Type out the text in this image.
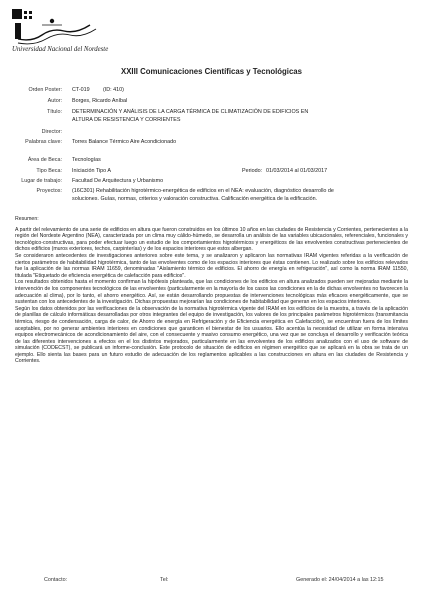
Universidad Nacional del Nordeste
XXIII Comunicaciones Científicas y Tecnológicas
Orden Poster: CT-019 (ID: 410)
Autor: Borges, Ricardo Aníbal
Título: DETERMINACIÓN Y ANÁLISIS DE LA CARGA TÉRMICA DE CLIMATIZACIÓN DE EDIFICIOS EN
ALTURA DE RESISTENCIA Y CORRIENTES
Director:
Palabras clave: Torres Balance Térmico Aire Acondicionado
Área de Beca: Tecnologías
Tipo Beca: Iniciación Tipo A	Periodo: 01/03/2014 al 01/03/2017
Lugar de trabajo: Facultad De Arquitectura y Urbanismo
Proyectos: (16C301) Rehabilitación higrotérmico-energética de edificios en el NEA: evaluación, diagnóstico desarrollo de
soluciones. Guías, normas, criterios y valoración constructiva. Calificación energética de la edificación.

Resumen:

A partir del relevamiento de una serie de edificios en altura que fueron construidos en los últimos 10 años en las ciudades de Resistencia y Corrientes, pertenecientes a la región del Nordeste Argentino (NEA), caracterizada por un clima muy cálido-húmedo, se desarrolla un análisis de las variables ubicacionales, referenciales, funcionales y tecnológico-constructivas, para poder efectuar luego un estudio de los comportamientos higrotérmicos y energéticos de las envolventes constructivas pertenecientes de dichos edificios (muros exteriores, techos, carpinterías) y de los espacios interiores que estos albergan.

Se consideraron antecedentes de investigaciones anteriores sobre este tema, y se analizaron y aplicaron las normativas IRAM vigentes referidas a la verificación de ciertos parámetros de habitabilidad higrotérmica, tanto de las envolventes como de los espacios interiores que éstas contienen. Lo realizado sobre los edificios relevados fue la aplicación de las normas IRAM 11659, denominadas "Aislamiento térmico de edificios. El ahorro de energía en refrigeración", así como la norma IRAM 11550, titulada "Etiquetado de eficiencia energética de calefacción para edificios".

Los resultados obtenidos hasta el momento confirman la hipótesis planteada, que las condiciones de los edificios en altura analizados pueden ser mejoradas mediante la intervención de los componentes tecnológicos de las envolventes (particularmente en la mayoría de los casos las condiciones en la de dichas envolventes no favorecen la adecuación al clima), por lo tanto, el ahorro energético. Así, se están desarrollando propuestas de intervenciones tecnológicas más eficaces energéticamente, que se sustentan con los antecedentes de la investigación. Dichas propuestas mejorarían las condiciones de habitabilidad que generan en los espacios interiores.

Según los datos obtenidos por las verificaciones de la observación de la normativa higrotérmica vigente del IRAM en los edificios de la muestra, a través de la aplicación de planillas de cálculo informáticas desarrolladas por otros integrantes del equipo de investigación, los valores de los principales parámetros higrotérmicos (transmitancia térmica, riesgo de condensación, carga de calor, de Ahorro de energía en Refrigeración y de Eficiencia energética en Calefacción), se encuentran fuera de los límites aceptables, por no generar ambientes interiores en condiciones que garanticen el bienestar de los usuarios. Ello acentúa la necesidad de utilizar en forma intensiva equipos electromecánicos de acondicionamiento del aire, con el consecuente y masivo consumo energético, una vez que se concluya el desarrollo y verificación teórica de las diferentes intervenciones a efectos en el los distintos mejorados, particularmente en las envolventes de los edificios analizados con el uso de software de simulación (CODECST), se publicará un informe-conclusión. Este protocolo de situación de edificios en régimen energético que se aplicará en la obra se trata de un ejemplo. Ello sienta las bases para un futuro estudio de adecuación de los reglamentos aplicables a las construcciones en altura en las ciudades de Resistencia y Corrientes.

Contacto:	Tel:	Generado el: 24/04/2014 a las 12:15
